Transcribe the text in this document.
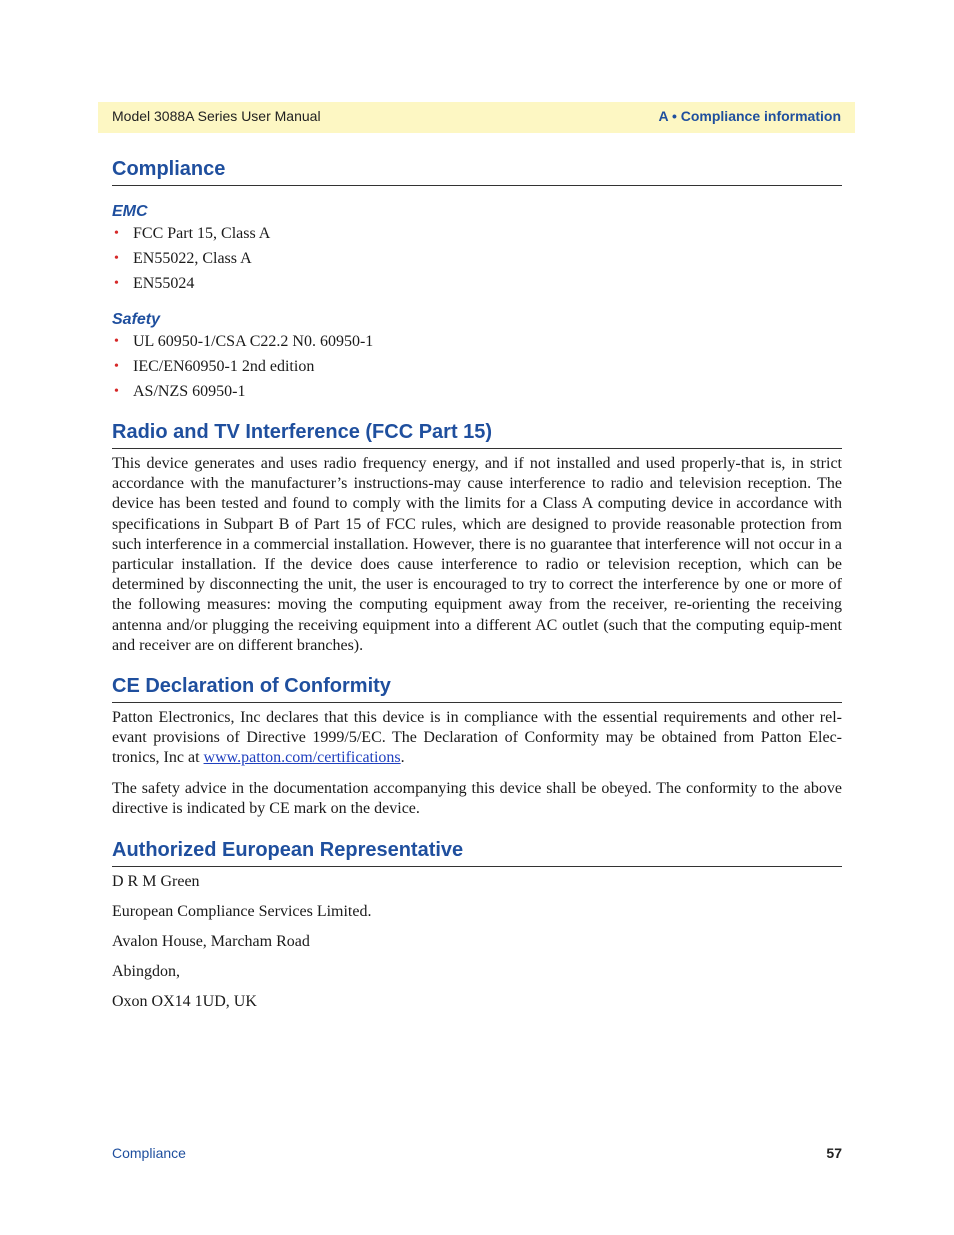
Model 3088A Series User Manual	A • Compliance information
Compliance
EMC
• FCC Part 15, Class A
• EN55022, Class A
• EN55024
Safety
• UL 60950-1/CSA C22.2 N0. 60950-1
• IEC/EN60950-1 2nd edition
• AS/NZS 60950-1
Radio and TV Interference (FCC Part 15)

This device generates and uses radio frequency energy, and if not installed and used properly-that is, in strict accordance with the manufacturer’s instructions-may cause interference to radio and television reception. The device has been tested and found to comply with the limits for a Class A computing device in accordance with specifications in Subpart B of Part 15 of FCC rules, which are designed to provide reasonable protection from such interference in a commercial installation. However, there is no guarantee that interference will not occur in a particular installation. If the device does cause interference to radio or television reception, which can be determined by disconnecting the unit, the user is encouraged to try to correct the interference by one or more of the following measures: moving the computing equipment away from the receiver, re-orienting the receiving antenna and/or plugging the receiving equipment into a different AC outlet (such that the computing equip-ment and receiver are on different branches).

CE Declaration of Conformity

Patton Electronics, Inc declares that this device is in compliance with the essential requirements and other rel-evant provisions of Directive 1999/5/EC. The Declaration of Conformity may be obtained from Patton Elec-tronics, Inc at www.patton.com/certifications.

The safety advice in the documentation accompanying this device shall be obeyed. The conformity to the above directive is indicated by CE mark on the device.

Authorized European Representative

D R M Green

European Compliance Services Limited.

Avalon House, Marcham Road

Abingdon,

Oxon OX14 1UD, UK

Compliance	57
